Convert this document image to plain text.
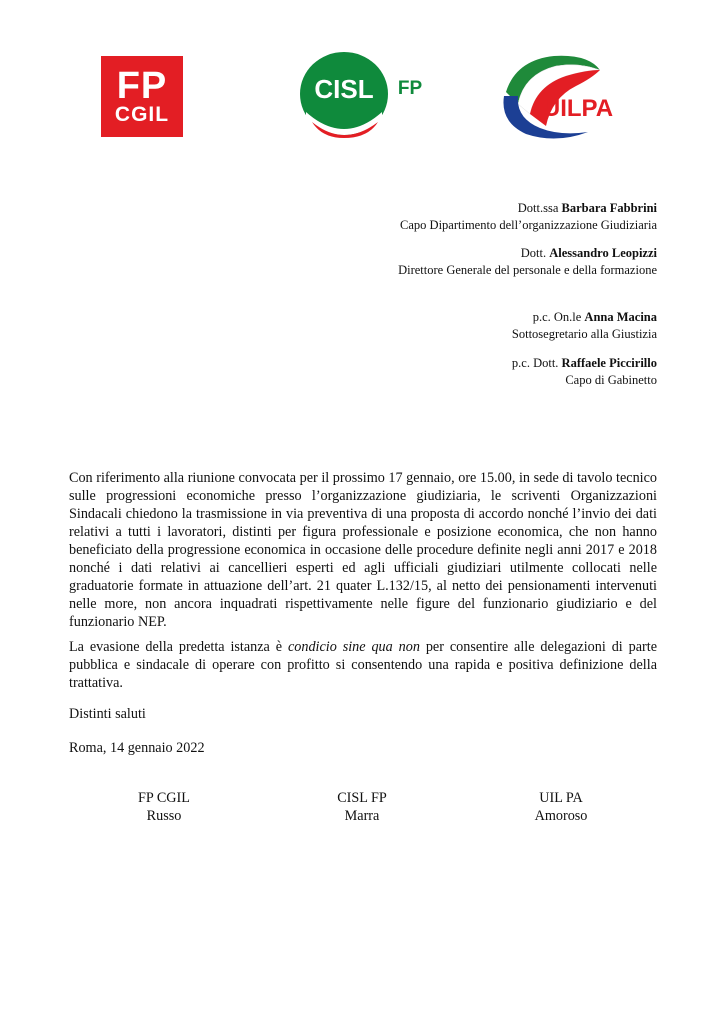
FP
CGIL
CISL FP
UILPA
Dott.ssa Barbara Fabbrini
Capo Dipartimento dell’organizzazione Giudiziaria
Dott. Alessandro Leopizzi
Direttore Generale del personale e della formazione
p.c. On.le Anna Macina
Sottosegretario alla Giustizia
p.c. Dott. Raffaele Piccirillo
Capo di Gabinetto
Con riferimento alla riunione convocata per il prossimo 17 gennaio, ore 15.00, in sede di tavolo tecnico sulle progressioni economiche presso l’organizzazione giudiziaria, le scriventi Organizzazioni Sindacali chiedono la trasmissione in via preventiva di una proposta di accordo nonché l’invio dei dati relativi a tutti i lavoratori, distinti per figura professionale e posizione economica, che non hanno beneficiato della progressione economica in occasione delle procedure definite negli anni 2017 e 2018 nonché i dati relativi ai cancellieri esperti ed agli ufficiali giudiziari utilmente collocati nelle graduatorie formate in attuazione dell’art. 21 quater L.132/15, al netto dei pensionamenti intervenuti nelle more, non ancora inquadrati rispettivamente nelle figure del funzionario giudiziario e del funzionario NEP.
La evasione della predetta istanza è condicio sine qua non per consentire alle delegazioni di parte pubblica e sindacale di operare con profitto si consentendo una rapida e positiva definizione della trattativa.
Distinti saluti
Roma, 14 gennaio 2022
FP CGIL
Russo
CISL FP
Marra
UIL PA
Amoroso
